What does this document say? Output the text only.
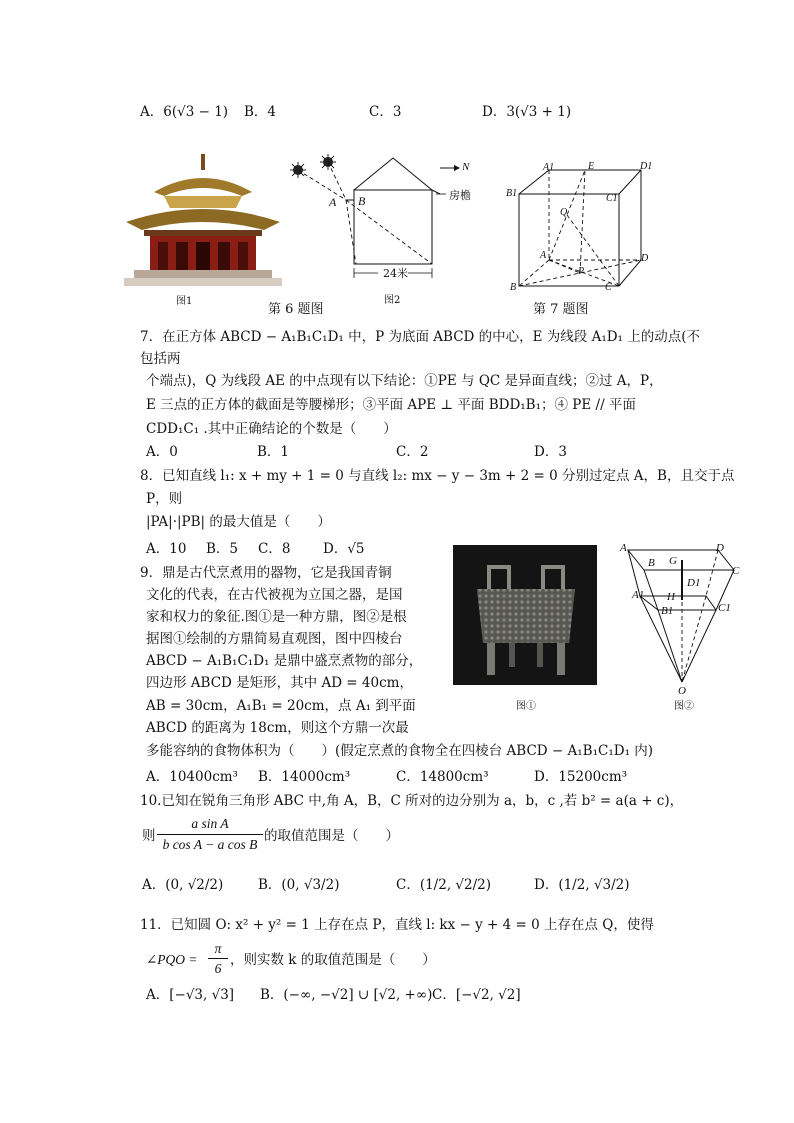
A．6(√3 − 1) B．4	C．3	D．3(√3 + 1)
图1
A B
N
房檐
24米
图2
第 6 题图
A1	E	D1
B1	C1
Q
A	D
P
B	C
第 7 题图
7．在正方体 ABCD − A₁B₁C₁D₁ 中，P 为底面 ABCD 的中心，E 为线段 A₁D₁ 上的动点(不
包括两
个端点)，Q 为线段 AE 的中点现有以下结论：①PE 与 QC 是异面直线；②过 A，P，
E 三点的正方体的截面是等腰梯形；③平面 APE ⊥ 平面 BDD₁B₁；④ PE // 平面
CDD₁C₁ .其中正确结论的个数是（　　）
A．0	B．1	C．2	D．3
8．已知直线 l₁: x + my + 1 = 0 与直线 l₂: mx − y − 3m + 2 = 0 分别过定点 A，B，且交于点
P，则
|PA|·|PB| 的最大值是（　　）
A．10 B．5 C．8 D．√5
图①
A	D
B G
C
D1
A1 H
B1	C1
O
图②
9．鼎是古代烹煮用的器物，它是我国青铜
文化的代表，在古代被视为立国之器，是国
家和权力的象征.图①是一种方鼎，图②是根
据图①绘制的方鼎简易直观图，图中四棱台
ABCD − A₁B₁C₁D₁ 是鼎中盛烹煮物的部分，
四边形 ABCD 是矩形，其中 AD = 40cm，
AB = 30cm，A₁B₁ = 20cm，点 A₁ 到平面
ABCD 的距离为 18cm，则这个方鼎一次最
多能容纳的食物体积为（　　）(假定烹煮的食物全在四棱台 ABCD − A₁B₁C₁D₁ 内)
A．10400cm³ B．14000cm³	C．14800cm³	D．15200cm³
10.已知在锐角三角形 ABC 中,角 A，B，C 所对的边分别为 a，b，c ,若 b² = a(a + c)，
则
a sin A
b cos A − a cos B
的取值范围是（　　）
A．(0, √2/2)	B．(0, √3/2)	C．(1/2, √2/2)	D．(1/2, √3/2)
11．已知圆 O: x² + y² = 1 上存在点 P，直线 l: kx − y + 4 = 0 上存在点 Q，使得
∠PQO =
π
6
，则实数 k 的取值范围是（　　）
A．[−√3, √3] B．(−∞, −√2] ∪ [√2, +∞) C．[−√2, √2]
